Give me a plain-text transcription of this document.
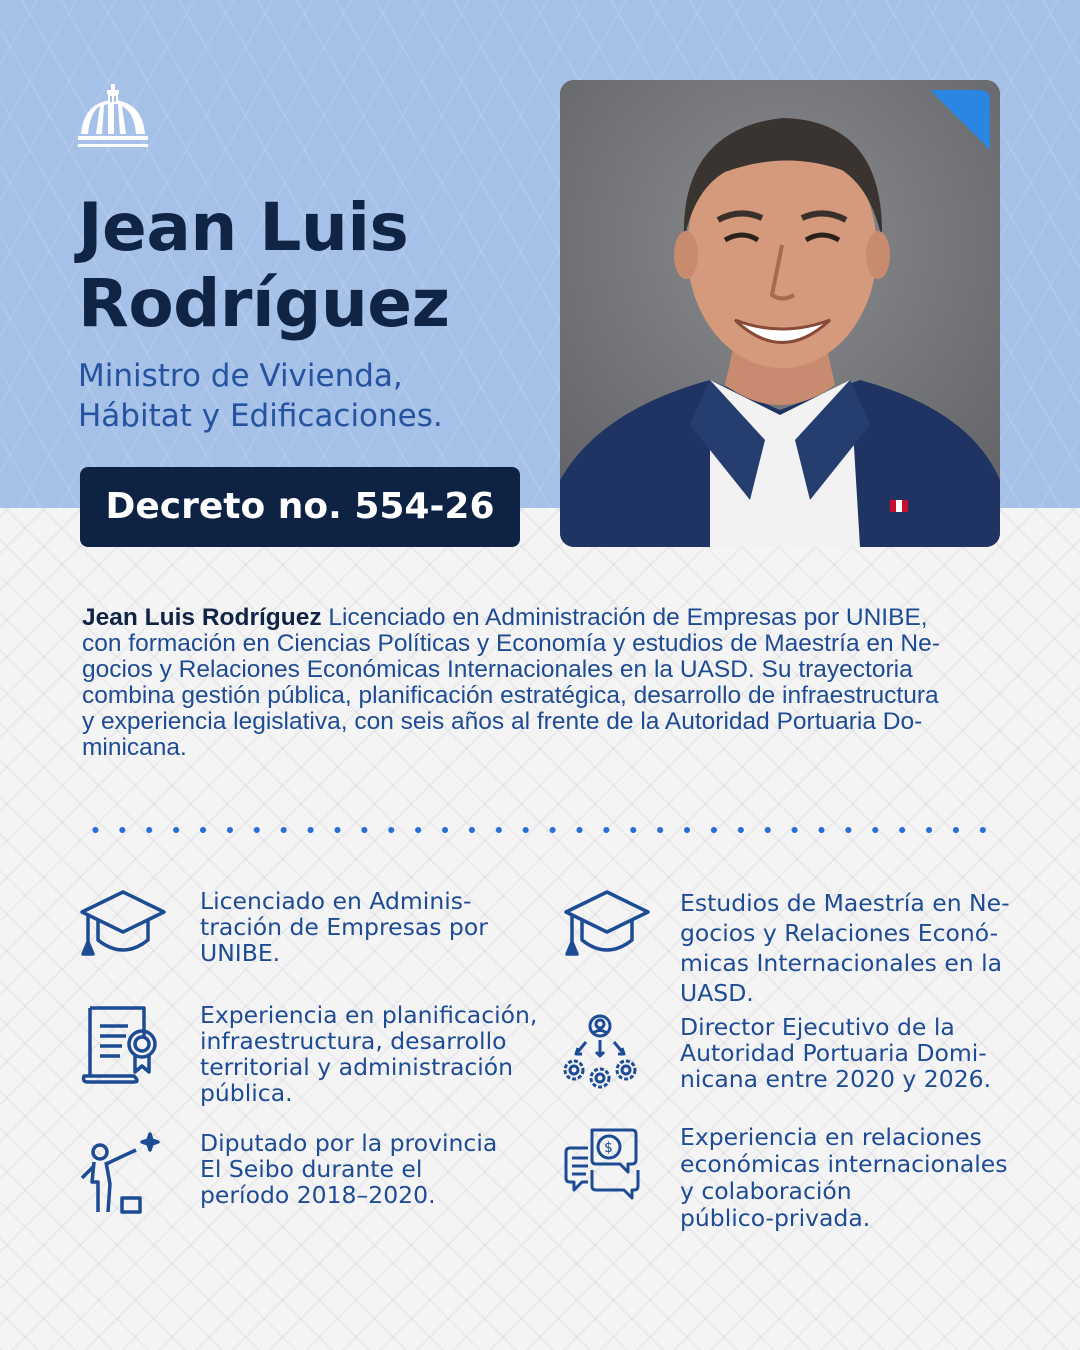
Jean Luis
Rodríguez
Ministro de Vivienda,
Hábitat y Edificaciones.
Decreto no. 554-26
Jean Luis Rodríguez Licenciado en Administración de Empresas por UNIBE,
con formación en Ciencias Políticas y Economía y estudios de Maestría en Ne-
gocios y Relaciones Económicas Internacionales en la UASD. Su trayectoria
combina gestión pública, planificación estratégica, desarrollo de infraestructura
y experiencia legislativa, con seis años al frente de la Autoridad Portuaria Do-
minicana.
Licenciado en Adminis-
tración de Empresas por
UNIBE.
Experiencia en planificación,
infraestructura, desarrollo
territorial y administración
pública.
Diputado por la provincia
El Seibo durante el
período 2018–2020.
Estudios de Maestría en Ne-
gocios y Relaciones Econó-
micas Internacionales en la
UASD.
Director Ejecutivo de la
Autoridad Portuaria Domi-
nicana entre 2020 y 2026.
$	Experiencia en relaciones
económicas internacionales
y colaboración
público-privada.
